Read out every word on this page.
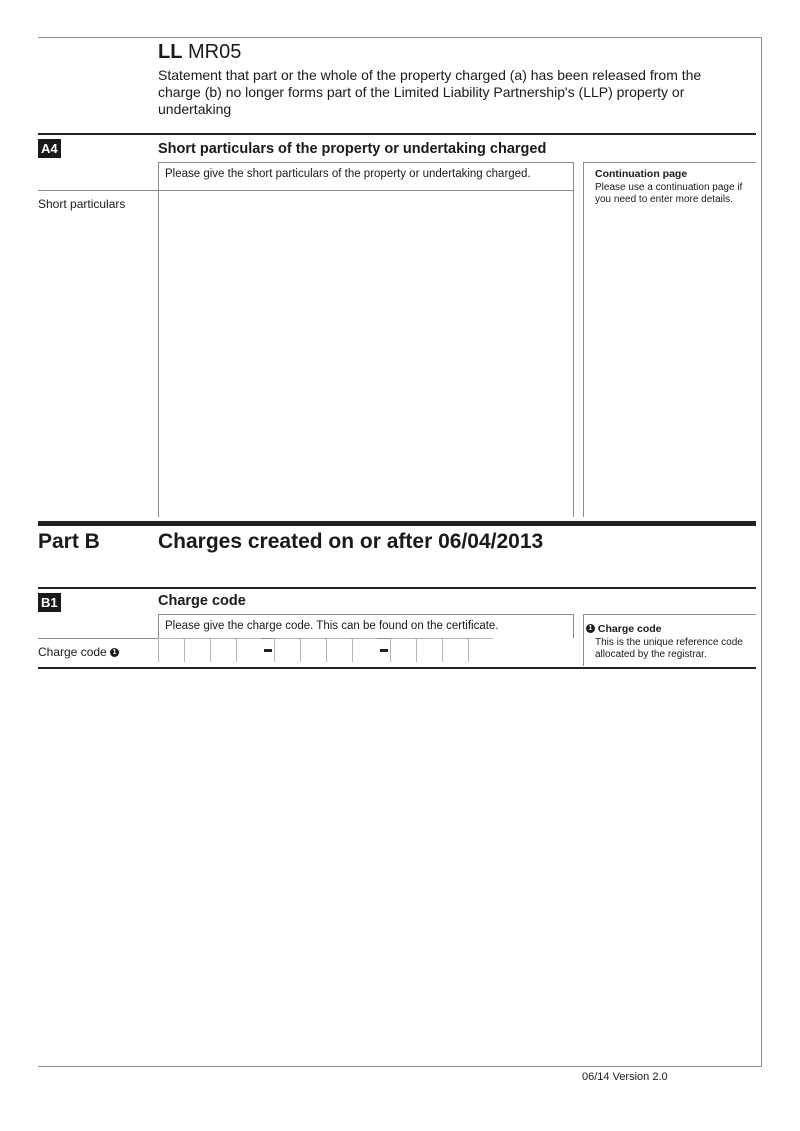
LL MR05
Statement that part or the whole of the property charged (a) has been released from the charge (b) no longer forms part of the Limited Liability Partnership's (LLP) property or undertaking
A4	Short particulars of the property or undertaking charged
Please give the short particulars of the property or undertaking charged.
Short particulars
Continuation page
Please use a continuation page if you need to enter more details.
Part B	Charges created on or after 06/04/2013
B1	Charge code
Please give the charge code. This can be found on the certificate.
Charge code 1
1 Charge code
This is the unique reference code allocated by the registrar.
06/14 Version 2.0
